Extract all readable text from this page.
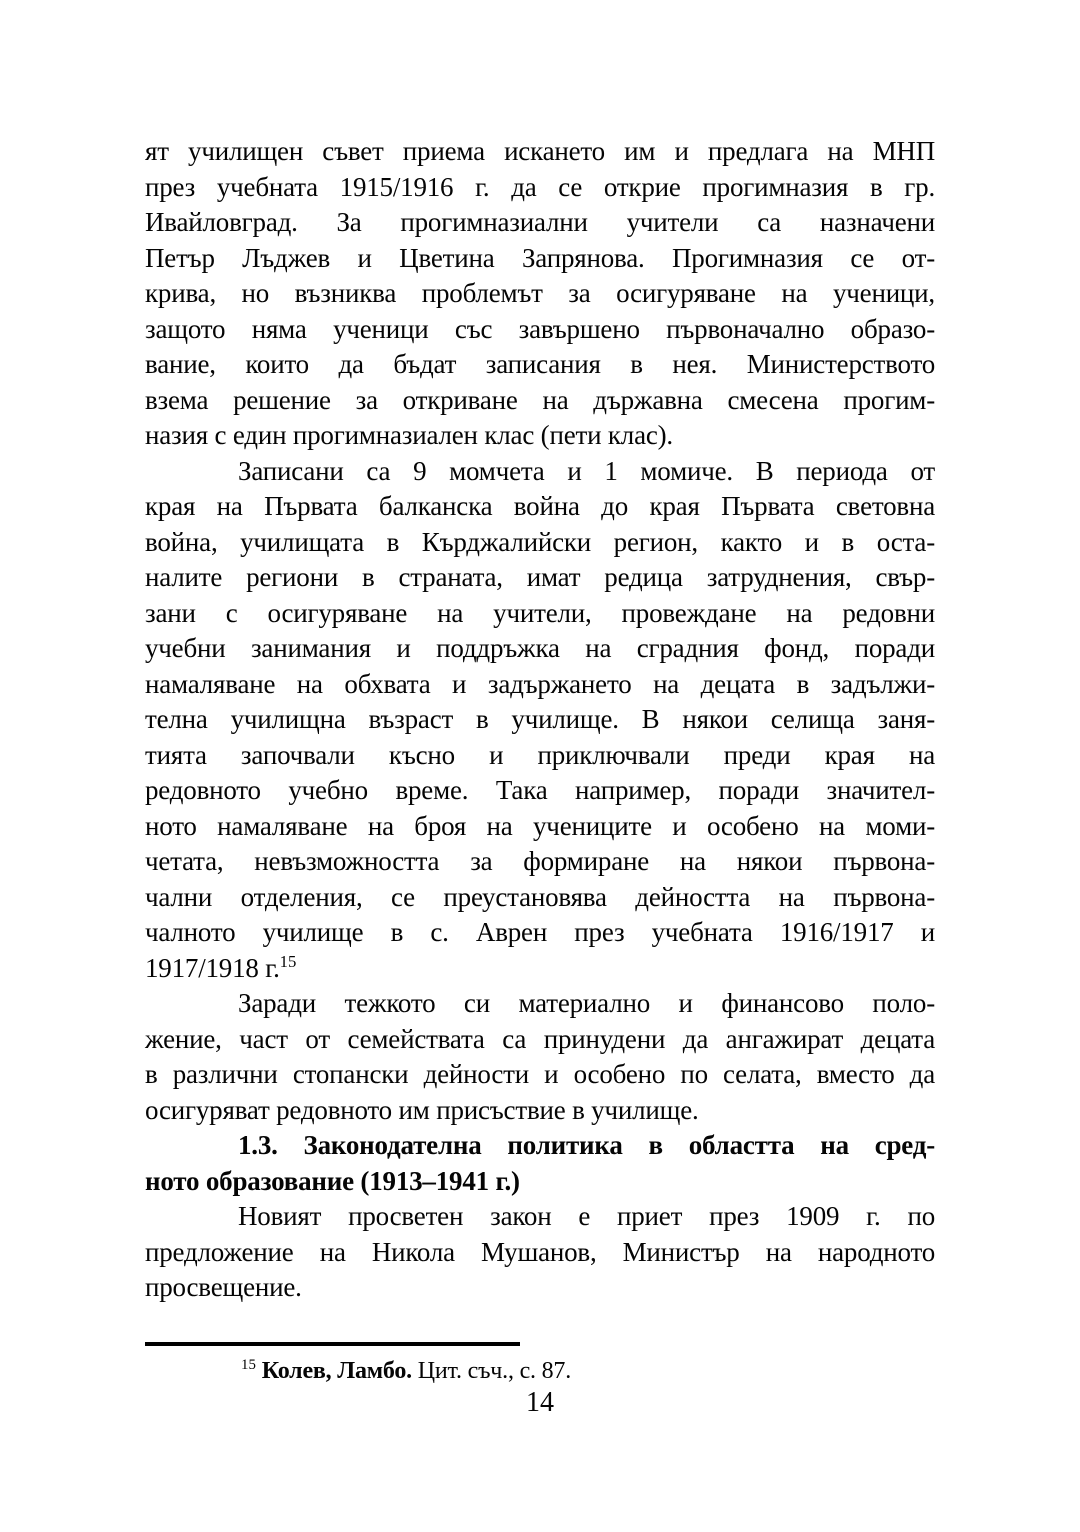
ят училищен съвет приема искането им и предлага на МНП
през учебната 1915/1916 г. да се открие прогимназия в гр.
Ивайловград. За прогимназиални учители са назначени
Петър Лъджев и Цветина Запрянова. Прогимназия се от-
крива, но възниква проблемът за осигуряване на ученици,
защото няма ученици със завършено първоначално образо-
вание, които да бъдат записания в нея. Министерството
взема решение за откриване на държавна смесена прогим-
назия с един прогимназиален клас (пети клас).
Записани са 9 момчета и 1 момиче. В периода от
края на Първата балканска война до края Първата световна
война, училищата в Кърджалийски регион, както и в оста-
налите региони в страната, имат редица затруднения, свър-
зани с осигуряване на учители, провеждане на редовни
учебни занимания и поддръжка на сградния фонд, поради
намаляване на обхвата и задържането на децата в задължи-
телна училищна възраст в училище. В някои селища заня-
тията започвали късно и приключвали преди края на
редовното учебно време. Така например, поради значител-
ното намаляване на броя на учениците и особено на моми-
четата, невъзможността за формиране на някои първона-
чални отделения, се преустановява дейността на първона-
чалното училище в с. Аврен през учебната 1916/1917 и
1917/1918 г.$^{15}$
Заради тежкото си материално и финансово поло-
жение, част от семействата са принудени да ангажират децата
в различни стопански дейности и особено по селата, вместо да
осигуряват редовното им присъствие в училище.
1.3. Законодателна политика в областта на сред-
ното образование (1913–1941 г.)
Новият просветен закон е приет през 1909 г. по
предложение на Никола Мушанов, Министър на народното
просвещение.
$^{15}$ Колев, Ламбо. Цит. съч., с. 87.
14
